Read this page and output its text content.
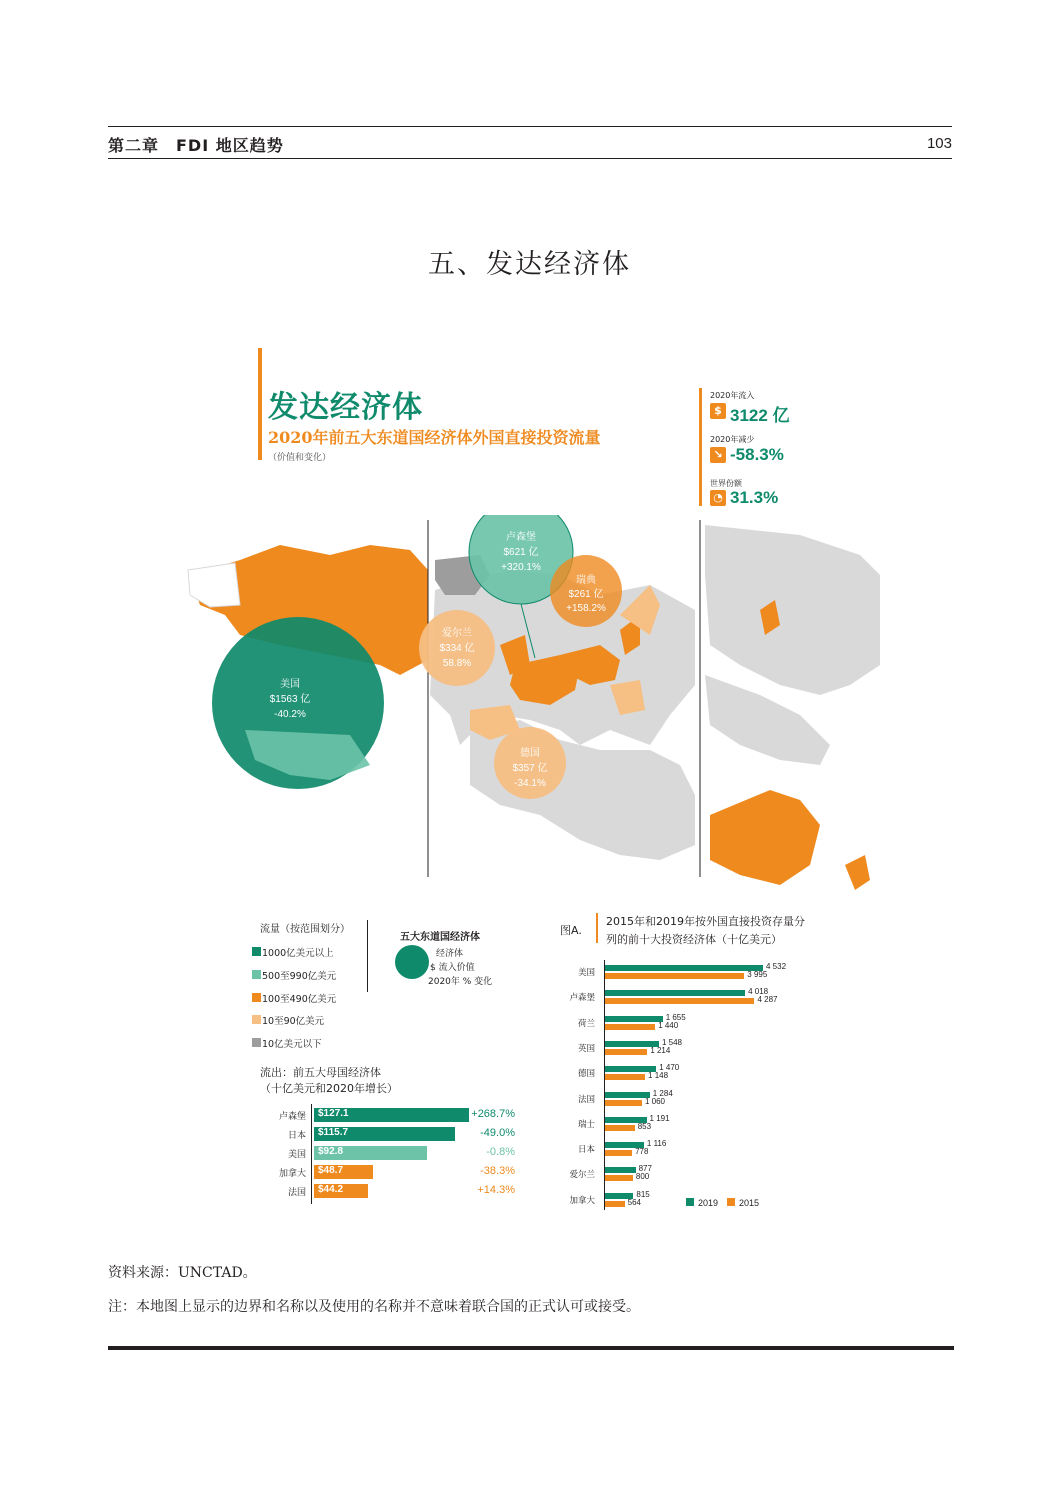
第二章　FDI 地区趋势	103
五、发达经济体
发达经济体
2020年前五大东道国经济体外国直接投资流量
（价值和变化）
2020年流入
$ 3122 亿
2020年减少
↘ -58.3%
世界份额
◔ 31.3%
卢森堡
$621 亿
+320.1%
瑞典
$261 亿
+158.2%
爱尔兰
$334 亿
58.8%
德国
$357 亿
-34.1%
美国
$1563 亿
-40.2%
流量（按范围划分）
1000亿美元以上
500至990亿美元
100至490亿美元
10至90亿美元
10亿美元以下
五大东道国经济体
经济体
$ 流入价值
2020年 % 变化
流出：前五大母国经济体
（十亿美元和2020年增长）
卢森堡 $127.1	+268.7%
日本 $115.7	-49.0%
美国 $92.8	-0.8%
加拿大 $48.7	-38.3%
法国 $44.2	+14.3%
图A.
2015年和2019年按外国直接投资存量分
列的前十大投资经济体（十亿美元）
美国
4 532
3 995
卢森堡
4 018
4 287
荷兰
1 655
1 440
英国
1 548
1 214
德国
1 470
1 148
法国
1 284
1 060
瑞士
1 191
853
日本
1 116
778
爱尔兰
877
800
加拿大
815
564	2019	2015
资料来源：UNCTAD。
注：本地图上显示的边界和名称以及使用的名称并不意味着联合国的正式认可或接受。
